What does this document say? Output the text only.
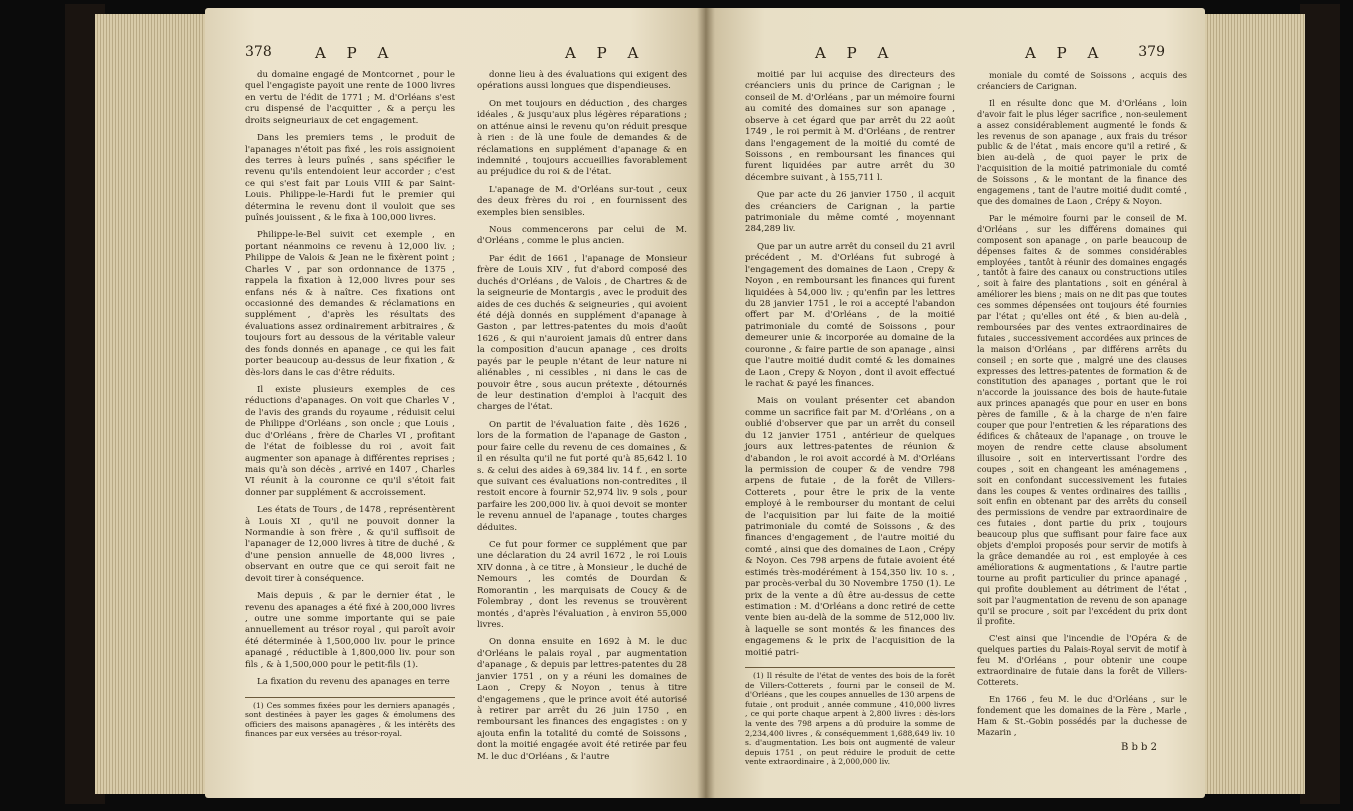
378	A P A	A P A

du domaine engagé de Montcornet , pour le quel l'engagiste payoit une rente de 1000 livres en vertu de l'édit de 1771 ; M. d'Orléans s'est cru dispensé de l'acquitter , & a perçu les droits seigneuriaux de cet engagement.

Dans les premiers tems , le produit de l'apanages n'étoit pas fixé , les rois assignoient des terres à leurs puînés , sans spécifier le revenu qu'ils entendoient leur accorder ; c'est ce qui s'est fait par Louis VIII & par Saint-Louis. Philippe-le-Hardi fut le premier qui détermina le revenu dont il vouloit que ses puînés jouissent , & le fixa à 100,000 livres.

Philippe-le-Bel suivit cet exemple , en portant néanmoins ce revenu à 12,000 liv. ; Philippe de Valois & Jean ne le fixèrent point ; Charles V , par son ordonnance de 1375 , rappela la fixation à 12,000 livres pour ses enfans nés & à naître. Ces fixations ont occasionné des demandes & réclamations en supplément , d'après les résultats des évaluations assez ordinairement arbitraires , & toujours fort au dessous de la véritable valeur des fonds donnés en apanage , ce qui les fait porter beaucoup au-dessus de leur fixation , & dès-lors dans le cas d'être réduits.

Il existe plusieurs exemples de ces réductions d'apanages. On voit que Charles V , de l'avis des grands du royaume , réduisit celui de Philippe d'Orléans , son oncle ; que Louis , duc d'Orléans , frère de Charles VI , profitant de l'état de foiblesse du roi , avoit fait augmenter son apanage à différentes reprises ; mais qu'à son décès , arrivé en 1407 , Charles VI réunit à la couronne ce qu'il s'étoit fait donner par supplément & accroissement.

Les états de Tours , de 1478 , représentèrent à Louis XI , qu'il ne pouvoit donner la Normandie à son frère , & qu'il suffisoit de l'apanager de 12,000 livres à titre de duché , & d'une pension annuelle de 48,000 livres , observant en outre que ce qui seroit fait ne devoit tirer à conséquence.

Mais depuis , & par le dernier état , le revenu des apanages a été fixé à 200,000 livres , outre une somme importante qui se paie annuellement au trésor royal , qui paroît avoir été déterminée à 1,500,000 liv. pour le prince apanagé , réductible à 1,800,000 liv. pour son fils , & à 1,500,000 pour le petit-fils (1).

La fixation du revenu des apanages en terre

(1) Ces sommes fixées pour les derniers apanagés , sont destinées à payer les gages & émolumens des officiers des maisons apanagères , & les intérêts des finances par eux versées au trésor-royal.

donne lieu à des évaluations qui exigent des opérations aussi longues que dispendieuses.

On met toujours en déduction , des charges idéales , & jusqu'aux plus légères réparations ; on atténue ainsi le revenu qu'on réduit presque à rien : de là une foule de demandes & de réclamations en supplément d'apanage & en indemnité , toujours accueillies favorablement au préjudice du roi & de l'état.

L'apanage de M. d'Orléans sur-tout , ceux des deux frères du roi , en fournissent des exemples bien sensibles.

Nous commencerons par celui de M. d'Orléans , comme le plus ancien.

Par édit de 1661 , l'apanage de Monsieur frère de Louis XIV , fut d'abord composé des duchés d'Orléans , de Valois , de Chartres & de la seigneurie de Montargis , avec le produit des aides de ces duchés & seigneuries , qui avoient été déjà donnés en supplément d'apanage à Gaston , par lettres-patentes du mois d'août 1626 , & qui n'auroient jamais dû entrer dans la composition d'aucun apanage , ces droits payés par le peuple n'étant de leur nature ni aliénables , ni cessibles , ni dans le cas de pouvoir être , sous aucun prétexte , détournés de leur destination d'emploi à l'acquit des charges de l'état.

On partit de l'évaluation faite , dès 1626 , lors de la formation de l'apanage de Gaston , pour faire celle du revenu de ces domaines , & il en résulta qu'il ne fut porté qu'à 85,642 l. 10 s. & celui des aides à 69,384 liv. 14 f. , en sorte que suivant ces évaluations non-contredites , il restoit encore à fournir 52,974 liv. 9 sols , pour parfaire les 200,000 liv. à quoi devoit se monter le revenu annuel de l'apanage , toutes charges déduites.

Ce fut pour former ce supplément que par une déclaration du 24 avril 1672 , le roi Louis XIV donna , à ce titre , à Monsieur , le duché de Nemours , les comtés de Dourdan & Romorantin , les marquisats de Coucy & de Folembray , dont les revenus se trouvèrent montés , d'après l'évaluation , à environ 55,000 livres.

On donna ensuite en 1692 à M. le duc d'Orléans le palais royal , par augmentation d'apanage , & depuis par lettres-patentes du 28 janvier 1751 , on y a réuni les domaines de Laon , Crepy & Noyon , tenus à titre d'engagemens , que le prince avoit été autorisé à retirer par arrêt du 26 juin 1750 , en remboursant les finances des engagistes : on y ajouta enfin la totalité du comté de Soissons , dont la moitié engagée avoit été retirée par feu M. le duc d'Orléans , & l'autre

A P A	A P A 379

moitié par lui acquise des directeurs des créanciers unis du prince de Carignan ; le conseil de M. d'Orléans , par un mémoire fourni au comité des domaines sur son apanage , observe à cet égard que par arrêt du 22 août 1749 , le roi permit à M. d'Orléans , de rentrer dans l'engagement de la moitié du comté de Soissons , en remboursant les finances qui furent liquidées par autre arrêt du 30 décembre suivant , à 155,711 l.

Que par acte du 26 janvier 1750 , il acquit des créanciers de Carignan , la partie patrimoniale du même comté , moyennant 284,289 liv.

Que par un autre arrêt du conseil du 21 avril précédent , M. d'Orléans fut subrogé à l'engagement des domaines de Laon , Crepy & Noyon , en remboursant les finances qui furent liquidées à 54,000 liv. ; qu'enfin par les lettres du 28 janvier 1751 , le roi a accepté l'abandon offert par M. d'Orléans , de la moitié patrimoniale du comté de Soissons , pour demeurer unie & incorporée au domaine de la couronne , & faire partie de son apanage , ainsi que l'autre moitié dudit comté & les domaines de Laon , Crepy & Noyon , dont il avoit effectué le rachat & payé les finances.

Mais on voulant présenter cet abandon comme un sacrifice fait par M. d'Orléans , on a oublié d'observer que par un arrêt du conseil du 12 janvier 1751 , antérieur de quelques jours aux lettres-patentes de réunion & d'abandon , le roi avoit accordé à M. d'Orléans la permission de couper & de vendre 798 arpens de futaie , de la forêt de Villers-Cotterets , pour être le prix de la vente employé à le rembourser du montant de celui de l'acquisition par lui faite de la moitié patrimoniale du comté de Soissons , & des finances d'engagement , de l'autre moitié du comté , ainsi que des domaines de Laon , Crépy & Noyon. Ces 798 arpens de futaie avoient été estimés très-modérément à 154,350 liv. 10 s. , par procès-verbal du 30 Novembre 1750 (1). Le prix de la vente a dû être au-dessus de cette estimation : M. d'Orléans a donc retiré de cette vente bien au-delà de la somme de 512,000 liv. à laquelle se sont montés & les finances des engagemens & le prix de l'acquisition de la moitié patri-

(1) Il résulte de l'état de ventes des bois de la forêt de Villers-Cotterets , fourni par le conseil de M. d'Orléans , que les coupes annuelles de 130 arpens de futaie , ont produit , année commune , 410,000 livres , ce qui porte chaque arpent à 2,800 livres : dès-lors la vente des 798 arpens a dû produire la somme de 2,234,400 livres , & conséquemment 1,688,649 liv. 10 s. d'augmentation. Les bois ont augmenté de valeur depuis 1751 , on peut réduire le produit de cette vente extraordinaire , à 2,000,000 liv.

moniale du comté de Soissons , acquis des créanciers de Carignan.

Il en résulte donc que M. d'Orléans , loin d'avoir fait le plus léger sacrifice , non-seulement a assez considérablement augmenté le fonds & les revenus de son apanage , aux frais du trésor public & de l'état , mais encore qu'il a retiré , & bien au-delà , de quoi payer le prix de l'acquisition de la moitié patrimoniale du comté de Soissons , & le montant de la finance des engagemens , tant de l'autre moitié dudit comté , que des domaines de Laon , Crépy & Noyon.

Par le mémoire fourni par le conseil de M. d'Orléans , sur les différens domaines qui composent son apanage , on parle beaucoup de dépenses faites & de sommes considérables employées , tantôt à réunir des domaines engagés , tantôt à faire des canaux ou constructions utiles , soit à faire des plantations , soit en général à améliorer les biens ; mais on ne dit pas que toutes ces sommes dépensées ont toujours été fournies par l'état ; qu'elles ont été , & bien au-delà , remboursées par des ventes extraordinaires de futaies , successivement accordées aux princes de la maison d'Orléans , par différens arrêts du conseil ; en sorte que , malgré une des clauses expresses des lettres-patentes de formation & de constitution des apanages , portant que le roi n'accorde la jouissance des bois de haute-futaie aux princes apanagés que pour en user en bons pères de famille , & à la charge de n'en faire couper que pour l'entretien & les réparations des édifices & châteaux de l'apanage , on trouve le moyen de rendre cette clause absolument illusoire , soit en intervertissant l'ordre des coupes , soit en changeant les aménagemens , soit en confondant successivement les futaies dans les coupes & ventes ordinaires des taillis , soit enfin en obtenant par des arrêts du conseil des permissions de vendre par extraordinaire de ces futaies , dont partie du prix , toujours beaucoup plus que suffisant pour faire face aux objets d'emploi proposés pour servir de motifs à la grâce demandée au roi , est employée à ces améliorations & augmentations , & l'autre partie tourne au profit particulier du prince apanagé , qui profite doublement au détriment de l'état , soit par l'augmentation de revenu de son apanage qu'il se procure , soit par l'excédent du prix dont il profite.

C'est ainsi que l'incendie de l'Opéra & de quelques parties du Palais-Royal servit de motif à feu M. d'Orléans , pour obtenir une coupe extraordinaire de futaie dans la forêt de Villers-Cotterets.

En 1766 , feu M. le duc d'Orléans , sur le fondement que les domaines de la Fère , Marle , Ham & St.-Gobin possédés par la duchesse de Mazarin ,

B b b 2
